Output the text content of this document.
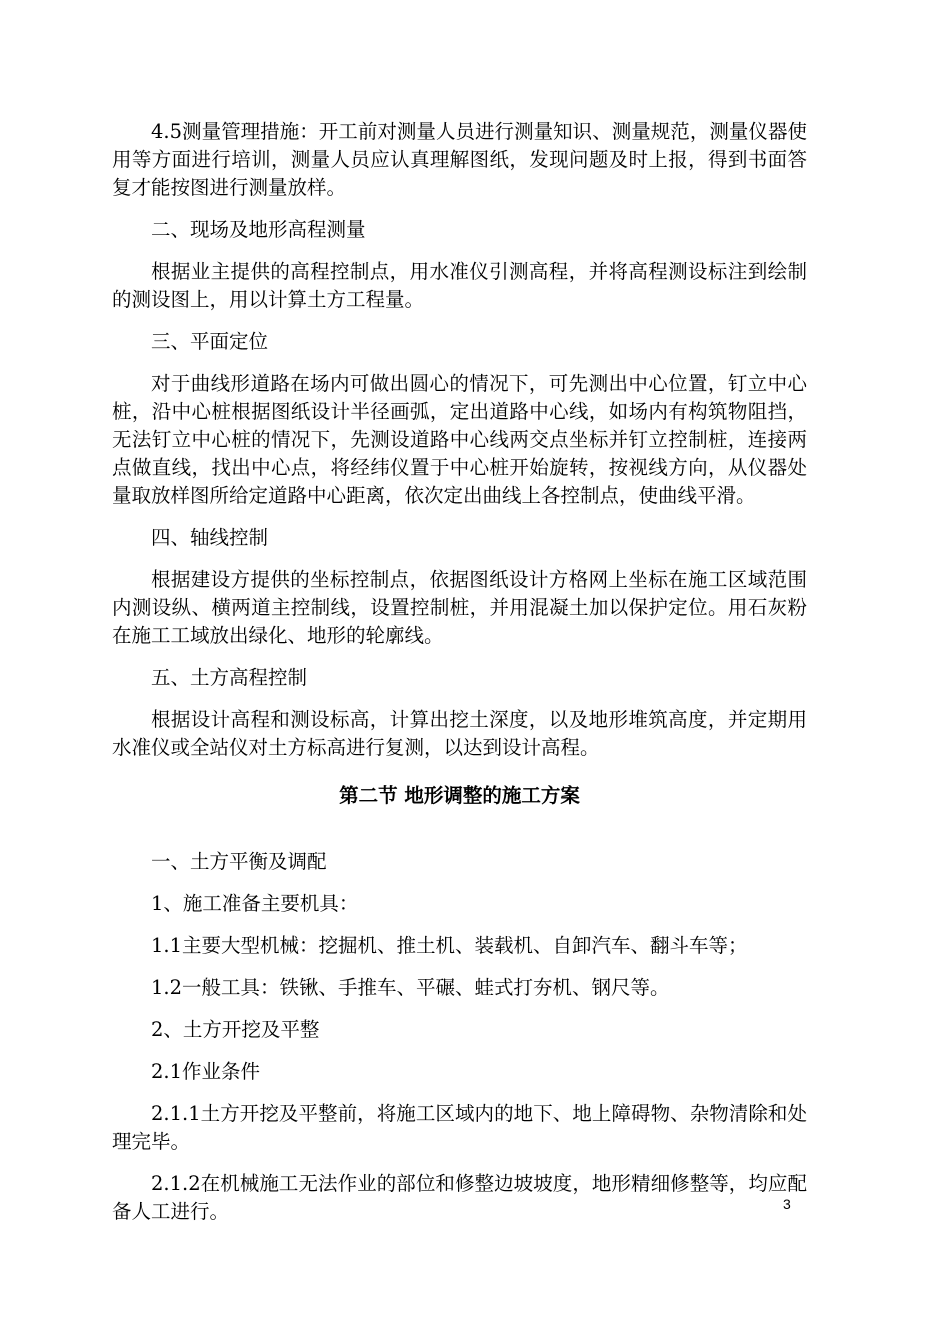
4.5测量管理措施：开工前对测量人员进行测量知识、测量规范，测量仪器使用等方面进行培训，测量人员应认真理解图纸，发现问题及时上报，得到书面答复才能按图进行测量放样。

二、现场及地形高程测量

根据业主提供的高程控制点，用水准仪引测高程，并将高程测设标注到绘制的测设图上，用以计算土方工程量。

三、平面定位

对于曲线形道路在场内可做出圆心的情况下，可先测出中心位置，钉立中心桩，沿中心桩根据图纸设计半径画弧，定出道路中心线，如场内有构筑物阻挡，无法钉立中心桩的情况下，先测设道路中心线两交点坐标并钉立控制桩，连接两点做直线，找出中心点，将经纬仪置于中心桩开始旋转，按视线方向，从仪器处量取放样图所给定道路中心距离，依次定出曲线上各控制点，使曲线平滑。

四、轴线控制

根据建设方提供的坐标控制点，依据图纸设计方格网上坐标在施工区域范围内测设纵、横两道主控制线，设置控制桩，并用混凝土加以保护定位。用石灰粉在施工工域放出绿化、地形的轮廓线。

五、土方高程控制

根据设计高程和测设标高，计算出挖土深度，以及地形堆筑高度，并定期用水准仪或全站仪对土方标高进行复测，以达到设计高程。

第二节 地形调整的施工方案

一、土方平衡及调配

1、施工准备主要机具：

1.1主要大型机械：挖掘机、推土机、装载机、自卸汽车、翻斗车等；

1.2一般工具：铁锹、手推车、平碾、蛙式打夯机、钢尺等。

2、土方开挖及平整

2.1作业条件

2.1.1土方开挖及平整前，将施工区域内的地下、地上障碍物、杂物清除和处理完毕。

2.1.2在机械施工无法作业的部位和修整边坡坡度，地形精细修整等，均应配备人工进行。	3
